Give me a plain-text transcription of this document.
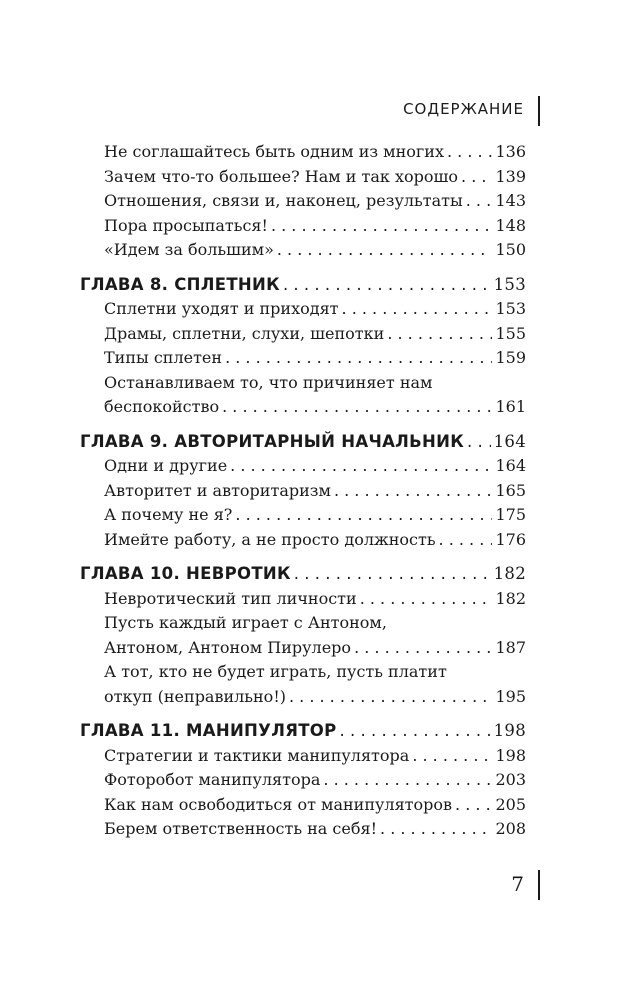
СОДЕРЖАНИЕ
Не соглашайтесь быть одним из многих . . .	136
Зачем что-то большее? Нам и так хорошо . . . 139
Отношения, связи и, наконец, результаты . . . 143
Пора просыпаться! . . .	148
«Идем за большим» . . .	150
ГЛАВА 8. СПЛЕТНИК . . .	153
Сплетни уходят и приходят . . .	153
Драмы, сплетни, слухи, шепотки . . .	155
Типы сплетен . . .	159
Останавливаем то, что причиняет нам
беспокойство . . .	161
ГЛАВА 9. АВТОРИТАРНЫЙ НАЧАЛЬНИК . . . 164
Одни и другие . . .	164
Авторитет и авторитаризм . . .	165
А почему не я? . . .	175
Имейте работу, а не просто должность . . .	176
ГЛАВА 10. НЕВРОТИК . . .	182
Невротический тип личности . . .	182
Пусть каждый играет с Антоном,
Антоном, Антоном Пирулеро . . .	187
А тот, кто не будет играть, пусть платит
откуп (неправильно!) . . .	195
ГЛАВА 11. МАНИПУЛЯТОР . . .	198
Стратегии и тактики манипулятора . . .	198
Фоторобот манипулятора . . .	203
Как нам освободиться от манипуляторов . . .	205
Берем ответственность на себя! . . .	208
7
